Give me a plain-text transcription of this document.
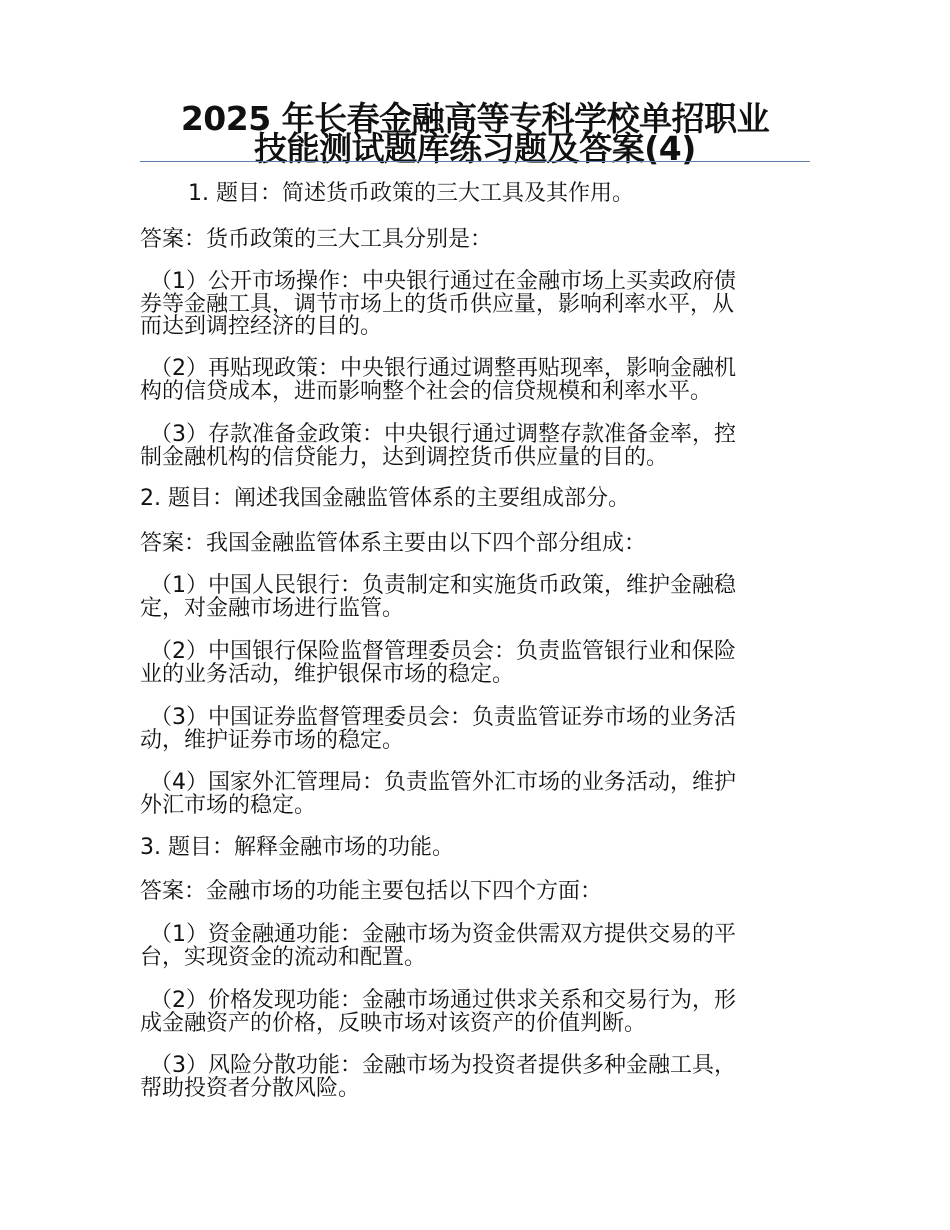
2025 年长春金融高等专科学校单招职业
技能测试题库练习题及答案(4)
1. 题目：简述货币政策的三大工具及其作用。
答案：货币政策的三大工具分别是：
（1）公开市场操作：中央银行通过在金融市场上买卖政府债
券等金融工具，调节市场上的货币供应量，影响利率水平，从
而达到调控经济的目的。
（2）再贴现政策：中央银行通过调整再贴现率，影响金融机
构的信贷成本，进而影响整个社会的信贷规模和利率水平。
（3）存款准备金政策：中央银行通过调整存款准备金率，控
制金融机构的信贷能力，达到调控货币供应量的目的。
2. 题目：阐述我国金融监管体系的主要组成部分。
答案：我国金融监管体系主要由以下四个部分组成：
（1）中国人民银行：负责制定和实施货币政策，维护金融稳
定，对金融市场进行监管。
（2）中国银行保险监督管理委员会：负责监管银行业和保险
业的业务活动，维护银保市场的稳定。
（3）中国证券监督管理委员会：负责监管证券市场的业务活
动，维护证券市场的稳定。
（4）国家外汇管理局：负责监管外汇市场的业务活动，维护
外汇市场的稳定。
3. 题目：解释金融市场的功能。
答案：金融市场的功能主要包括以下四个方面：
（1）资金融通功能：金融市场为资金供需双方提供交易的平
台，实现资金的流动和配置。
（2）价格发现功能：金融市场通过供求关系和交易行为，形
成金融资产的价格，反映市场对该资产的价值判断。
（3）风险分散功能：金融市场为投资者提供多种金融工具，
帮助投资者分散风险。
